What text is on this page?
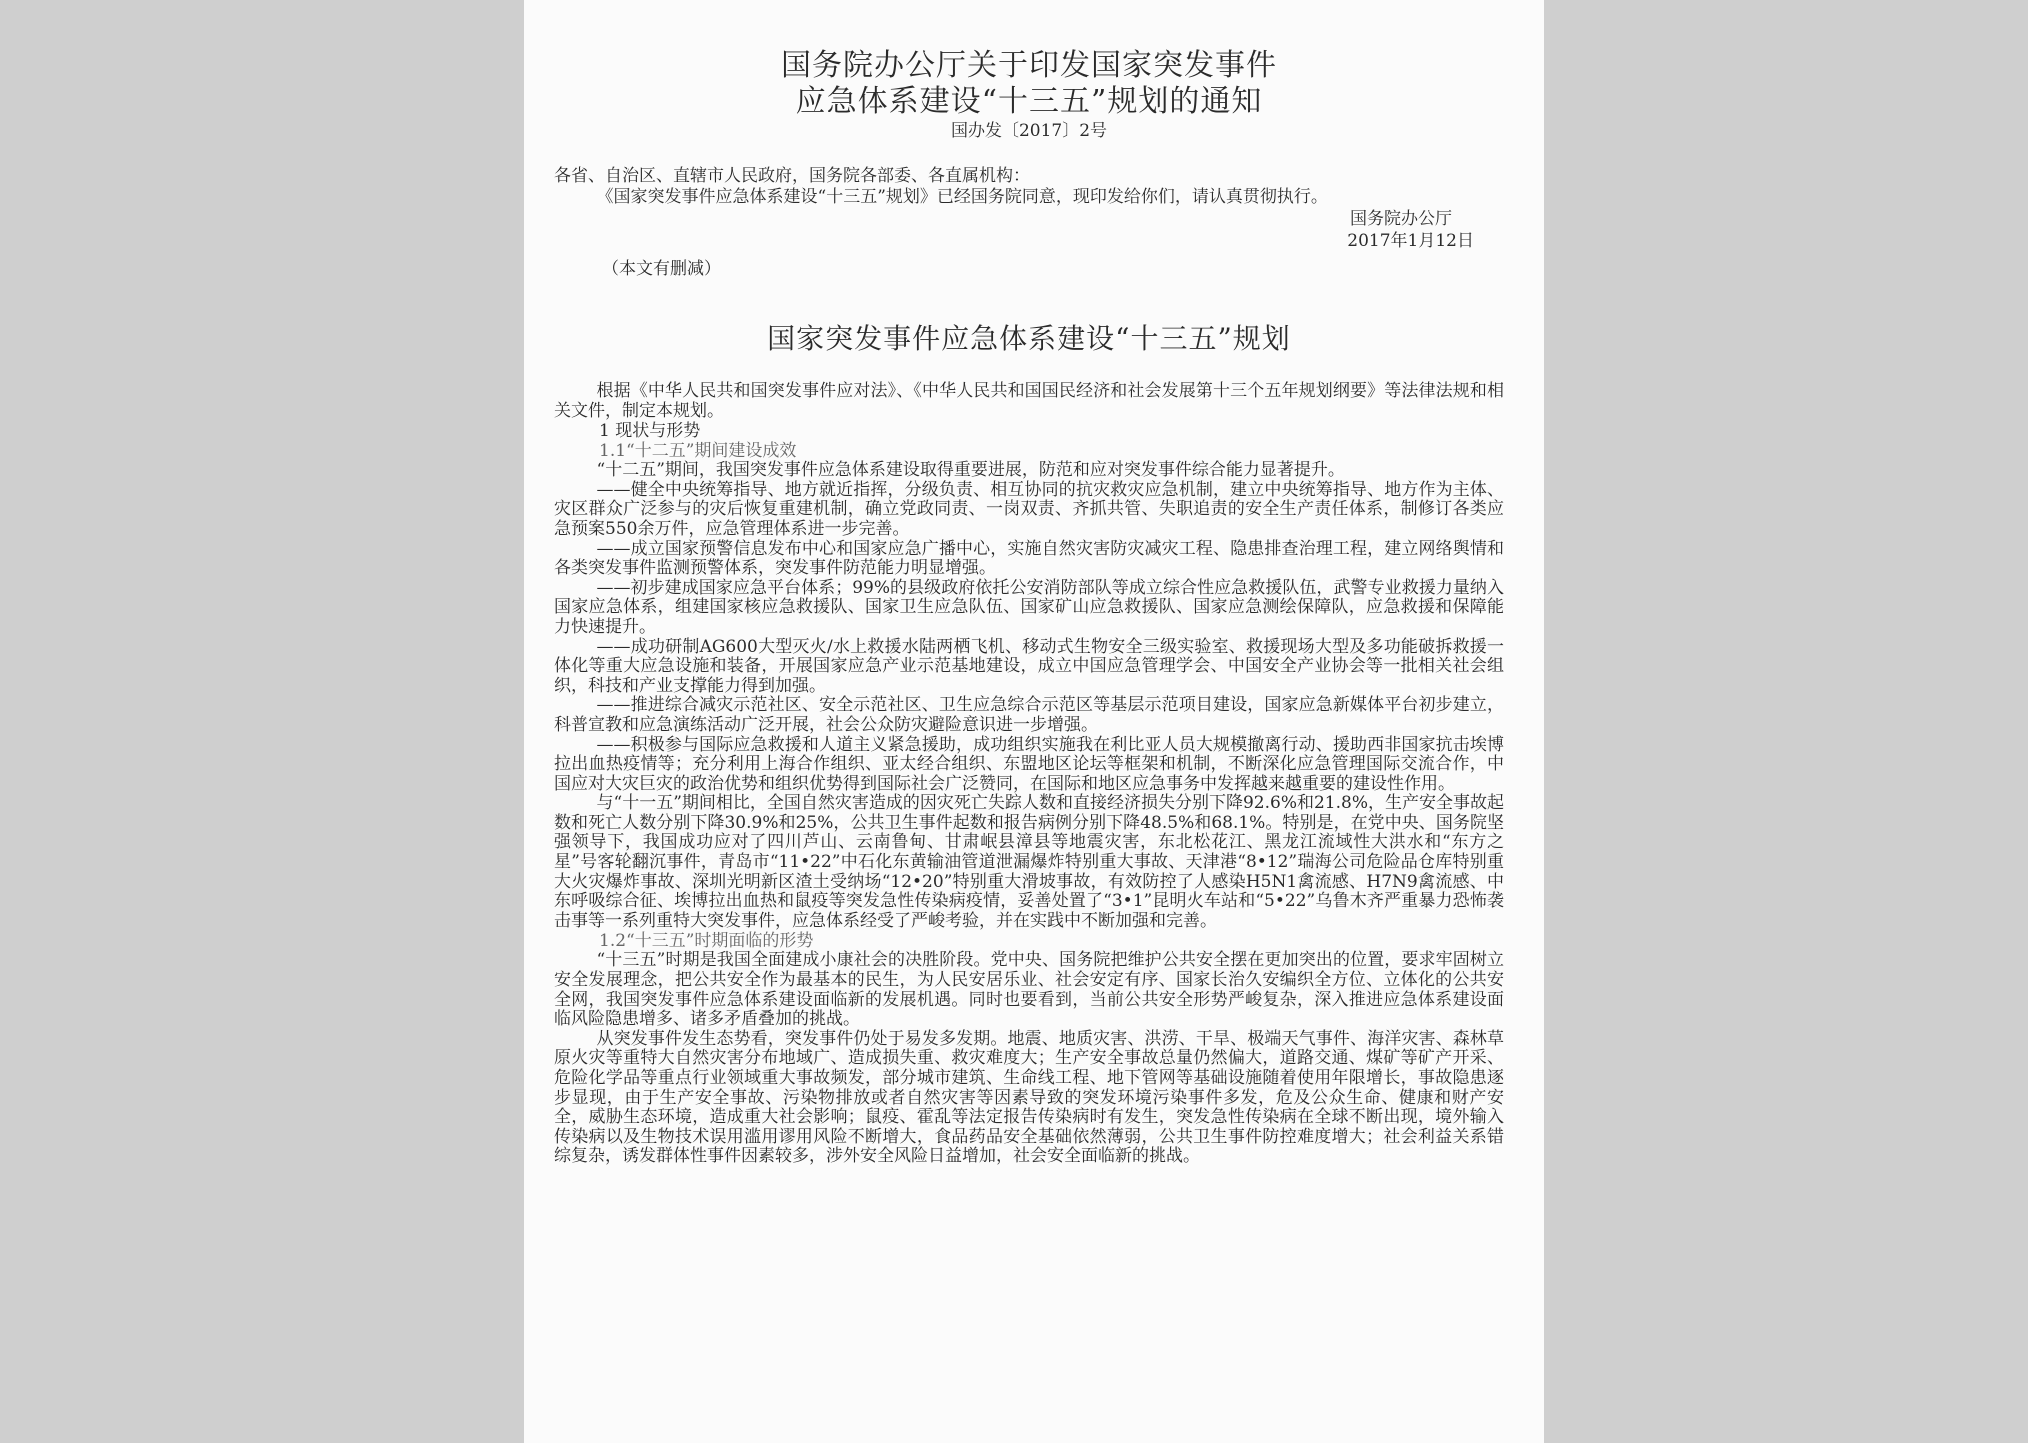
国务院办公厅关于印发国家突发事件
应急体系建设“十三五”规划的通知

国办发〔2017〕2号

各省、自治区、直辖市人民政府，国务院各部委、各直属机构：

《国家突发事件应急体系建设“十三五”规划》已经国务院同意，现印发给你们，请认真贯彻执行。

国务院办公厅

2017年1月12日

（本文有删减）

国家突发事件应急体系建设“十三五”规划

根据《中华人民共和国突发事件应对法》、《中华人民共和国国民经济和社会发展第十三个五年规划纲要》等法律法规和相关文件，制定本规划。

1 现状与形势

1.1“十二五”期间建设成效

“十二五”期间，我国突发事件应急体系建设取得重要进展，防范和应对突发事件综合能力显著提升。

——健全中央统筹指导、地方就近指挥，分级负责、相互协同的抗灾救灾应急机制，建立中央统筹指导、地方作为主体、灾区群众广泛参与的灾后恢复重建机制，确立党政同责、一岗双责、齐抓共管、失职追责的安全生产责任体系，制修订各类应急预案550余万件，应急管理体系进一步完善。

——成立国家预警信息发布中心和国家应急广播中心，实施自然灾害防灾减灾工程、隐患排查治理工程，建立网络舆情和各类突发事件监测预警体系，突发事件防范能力明显增强。

——初步建成国家应急平台体系；99%的县级政府依托公安消防部队等成立综合性应急救援队伍，武警专业救援力量纳入国家应急体系，组建国家核应急救援队、国家卫生应急队伍、国家矿山应急救援队、国家应急测绘保障队，应急救援和保障能力快速提升。

——成功研制AG600大型灭火/水上救援水陆两栖飞机、移动式生物安全三级实验室、救援现场大型及多功能破拆救援一体化等重大应急设施和装备，开展国家应急产业示范基地建设，成立中国应急管理学会、中国安全产业协会等一批相关社会组织，科技和产业支撑能力得到加强。

——推进综合减灾示范社区、安全示范社区、卫生应急综合示范区等基层示范项目建设，国家应急新媒体平台初步建立，科普宣教和应急演练活动广泛开展，社会公众防灾避险意识进一步增强。

——积极参与国际应急救援和人道主义紧急援助，成功组织实施我在利比亚人员大规模撤离行动、援助西非国家抗击埃博拉出血热疫情等；充分利用上海合作组织、亚太经合组织、东盟地区论坛等框架和机制，不断深化应急管理国际交流合作，中国应对大灾巨灾的政治优势和组织优势得到国际社会广泛赞同，在国际和地区应急事务中发挥越来越重要的建设性作用。

与“十一五”期间相比，全国自然灾害造成的因灾死亡失踪人数和直接经济损失分别下降92.6%和21.8%，生产安全事故起数和死亡人数分别下降30.9%和25%，公共卫生事件起数和报告病例分别下降48.5%和68.1%。特别是，在党中央、国务院坚强领导下，我国成功应对了四川芦山、云南鲁甸、甘肃岷县漳县等地震灾害，东北松花江、黑龙江流域性大洪水和“东方之星”号客轮翻沉事件，青岛市“11•22”中石化东黄输油管道泄漏爆炸特别重大事故、天津港“8•12”瑞海公司危险品仓库特别重大火灾爆炸事故、深圳光明新区渣土受纳场“12•20”特别重大滑坡事故，有效防控了人感染H5N1禽流感、H7N9禽流感、中东呼吸综合征、埃博拉出血热和鼠疫等突发急性传染病疫情，妥善处置了“3•1”昆明火车站和“5•22”乌鲁木齐严重暴力恐怖袭击事等一系列重特大突发事件，应急体系经受了严峻考验，并在实践中不断加强和完善。

1.2“十三五”时期面临的形势

“十三五”时期是我国全面建成小康社会的决胜阶段。党中央、国务院把维护公共安全摆在更加突出的位置，要求牢固树立安全发展理念，把公共安全作为最基本的民生，为人民安居乐业、社会安定有序、国家长治久安编织全方位、立体化的公共安全网，我国突发事件应急体系建设面临新的发展机遇。同时也要看到，当前公共安全形势严峻复杂，深入推进应急体系建设面临风险隐患增多、诸多矛盾叠加的挑战。

从突发事件发生态势看，突发事件仍处于易发多发期。地震、地质灾害、洪涝、干旱、极端天气事件、海洋灾害、森林草原火灾等重特大自然灾害分布地域广、造成损失重、救灾难度大；生产安全事故总量仍然偏大，道路交通、煤矿等矿产开采、危险化学品等重点行业领域重大事故频发，部分城市建筑、生命线工程、地下管网等基础设施随着使用年限增长，事故隐患逐步显现，由于生产安全事故、污染物排放或者自然灾害等因素导致的突发环境污染事件多发，危及公众生命、健康和财产安全，威胁生态环境，造成重大社会影响；鼠疫、霍乱等法定报告传染病时有发生，突发急性传染病在全球不断出现，境外输入传染病以及生物技术误用滥用谬用风险不断增大，食品药品安全基础依然薄弱，公共卫生事件防控难度增大；社会利益关系错综复杂，诱发群体性事件因素较多，涉外安全风险日益增加，社会安全面临新的挑战。
